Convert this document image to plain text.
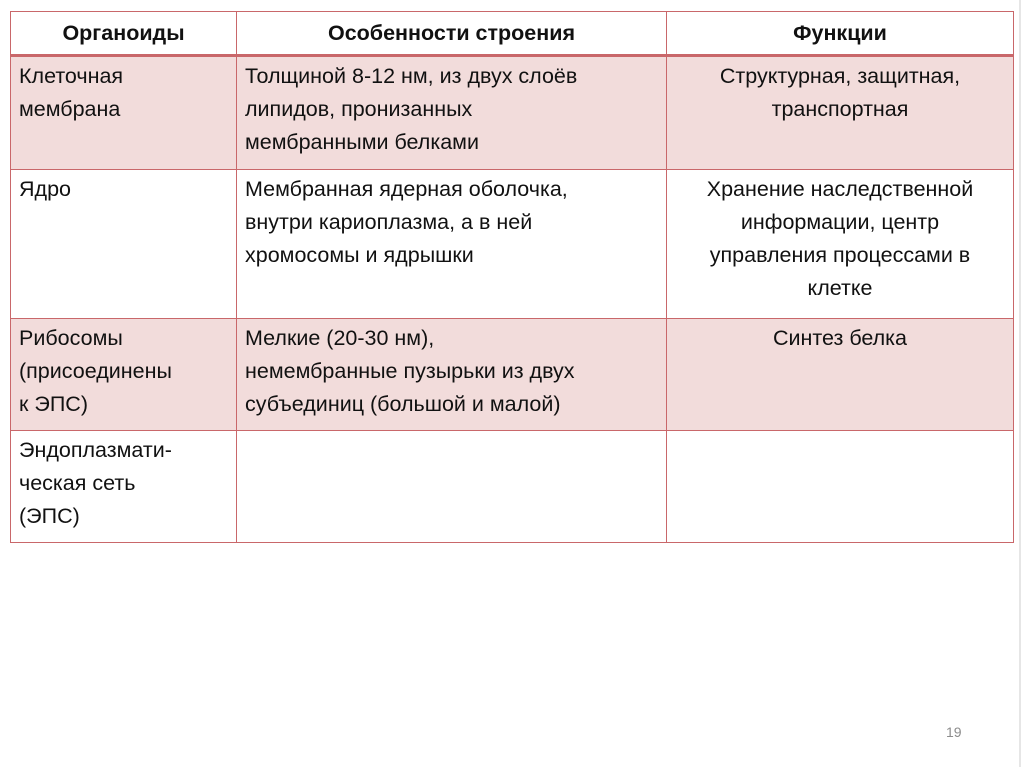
Органоиды	Особенности строения	Функции

Клеточная
мембрана	Толщиной 8-12 нм, из двух слоёв
липидов, пронизанных
мембранными белками	Структурная, защитная,
транспортная

Ядро	Мембранная ядерная оболочка,
внутри кариоплазма, а в ней
хромосомы и ядрышки	Хранение наследственной
информации, центр
управления процессами в
клетке

Рибосомы
(присоединены
к ЭПС)	Мелкие (20-30 нм),
немембранные пузырьки из двух
субъединиц (большой и малой)	Синтез белка

Эндоплазмати-
ческая сеть
(ЭПС)		

19
